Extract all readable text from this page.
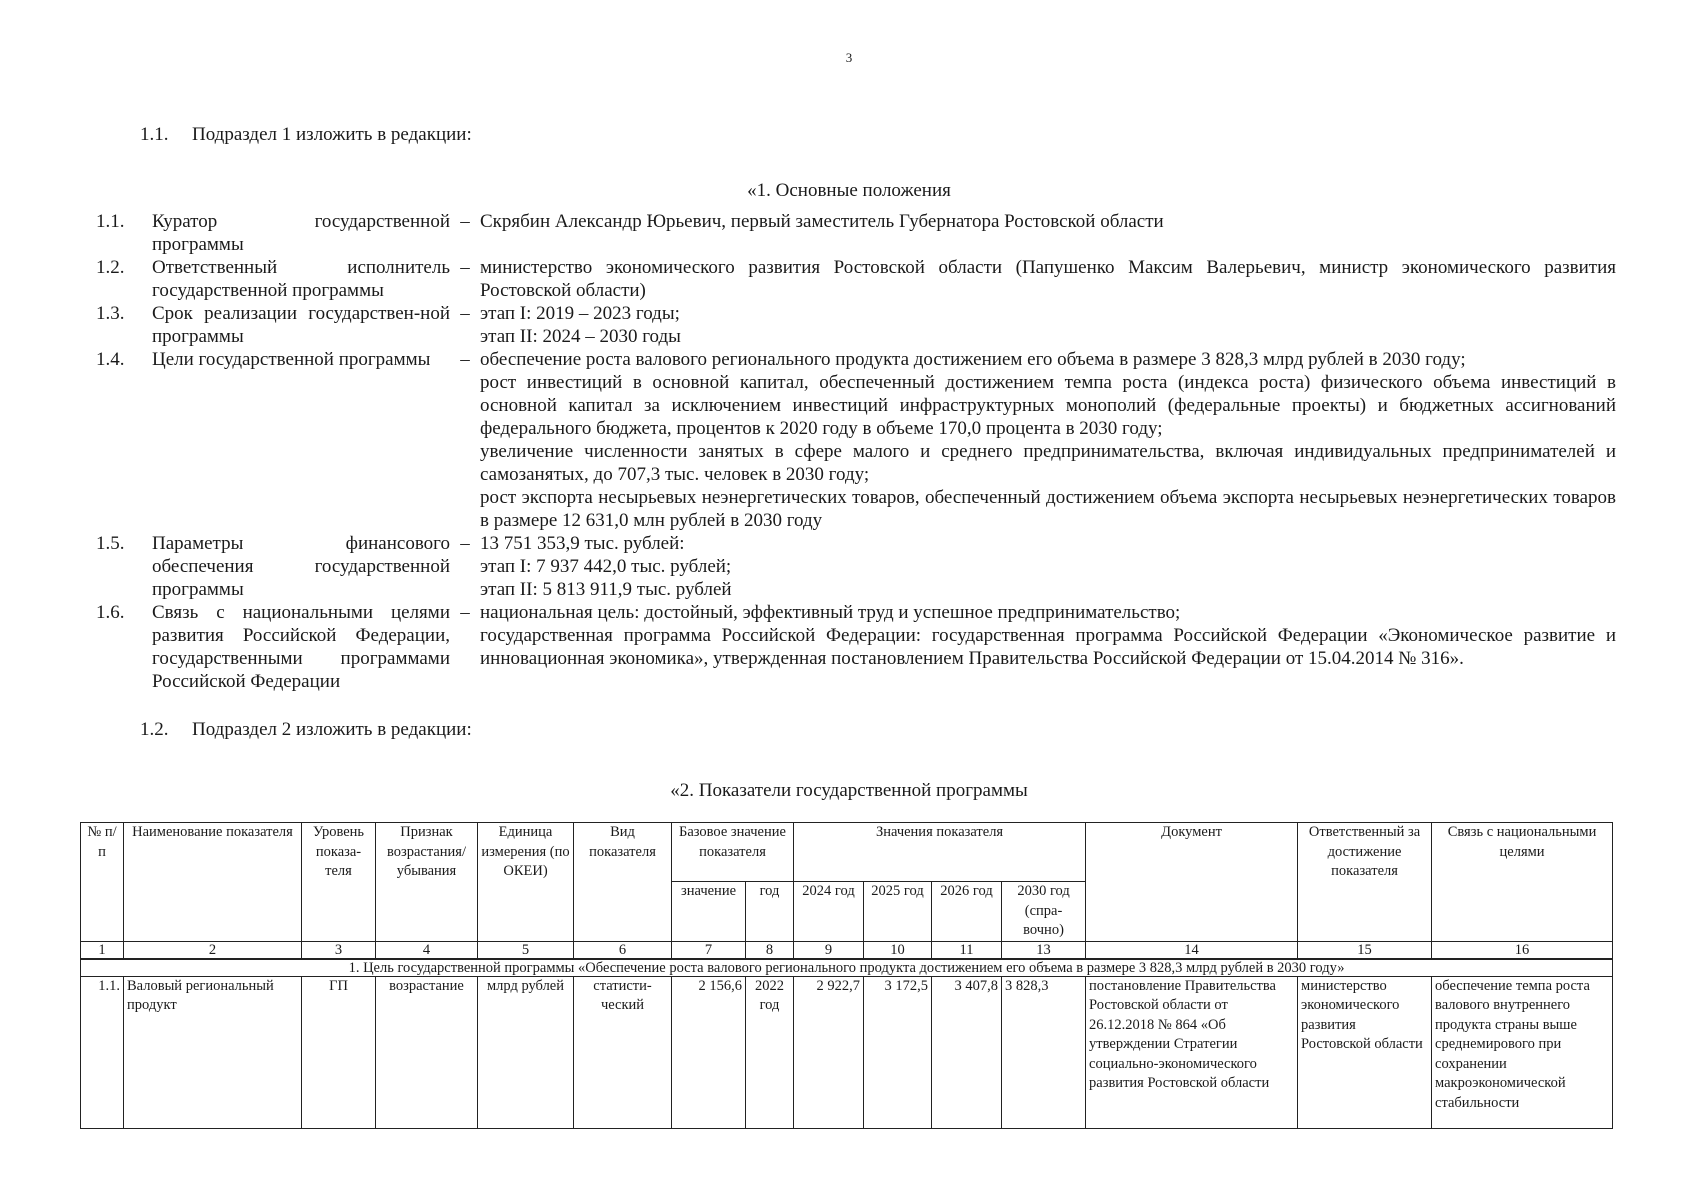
3
1.1. Подраздел 1 изложить в редакции:
«1. Основные положения
1.1.	Куратор государственной программы
– Скрябин Александр Юрьевич, первый заместитель Губернатора Ростовской области
1.2.	Ответственный исполнитель государственной программы
– министерство экономического развития Ростовской области (Папушенко Максим Валерьевич, министр экономического развития Ростовской области)
1.3.	Срок реализации государствен-ной программы
– этап I: 2019 – 2023 годы;
этап II: 2024 – 2030 годы
1.4.	Цели государственной программы	– обеспечение роста валового регионального продукта достижением его объема в размере 3 828,3 млрд рублей в 2030 году;
рост инвестиций в основной капитал, обеспеченный достижением темпа роста (индекса роста) физического объема инвестиций в основной капитал за исключением инвестиций инфраструктурных монополий (федеральные проекты) и бюджетных ассигнований федерального бюджета, процентов к 2020 году в объеме 170,0 процента в 2030 году;
увеличение численности занятых в сфере малого и среднего предпринимательства, включая индивидуальных предпринимателей и самозанятых, до 707,3 тыс. человек в 2030 году;
рост экспорта несырьевых неэнергетических товаров, обеспеченный достижением объема экспорта несырьевых неэнергетических товаров в размере 12 631,0 млн рублей в 2030 году
1.5.	Параметры финансового обеспечения государственной программы
– 13 751 353,9 тыс. рублей:
этап I: 7 937 442,0 тыс. рублей;
этап II: 5 813 911,9 тыс. рублей
1.6.	Связь с национальными целями развития Российской Федерации, государственными программами Российской Федерации
– национальная цель: достойный, эффективный труд и успешное предпринимательство;
государственная программа Российской Федерации: государственная программа Российской Федерации «Экономическое развитие и инновационная экономика», утвержденная постановлением Правительства Российской Федерации от 15.04.2014 № 316».
1.2. Подраздел 2 изложить в редакции:
«2. Показатели государственной программы
№ п/п	Наименование показателя	Уровень показа-теля	Признак возрастания/ убывания	Единица измерения (по ОКЕИ)	Вид показателя	Базовое значение показателя		Значения показателя				Документ	Ответственный за достижение показателя	Связь с национальными целями
						значение	год	2024 год	2025 год	2026 год	2030 год (спра-вочно)			
1	2	3	4	5	6	7	8	9	10	11	13	14	15	16
1. Цель государственной программы «Обеспечение роста валового регионального продукта достижением его объема в размере 3 828,3 млрд рублей в 2030 году»														
1.1.	Валовый региональный продукт	ГП	возрастание	млрд рублей	статисти-ческий	2 156,6	2022 год	2 922,7	3 172,5	3 407,8	3 828,3	постановление Правительства Ростовской области от 26.12.2018 № 864 «Об утверждении Стратегии социально-экономического развития Ростовской области	министерство экономического развития Ростовской области	обеспечение темпа роста валового внутреннего продукта страны выше среднемирового при сохранении макроэкономической стабильности
